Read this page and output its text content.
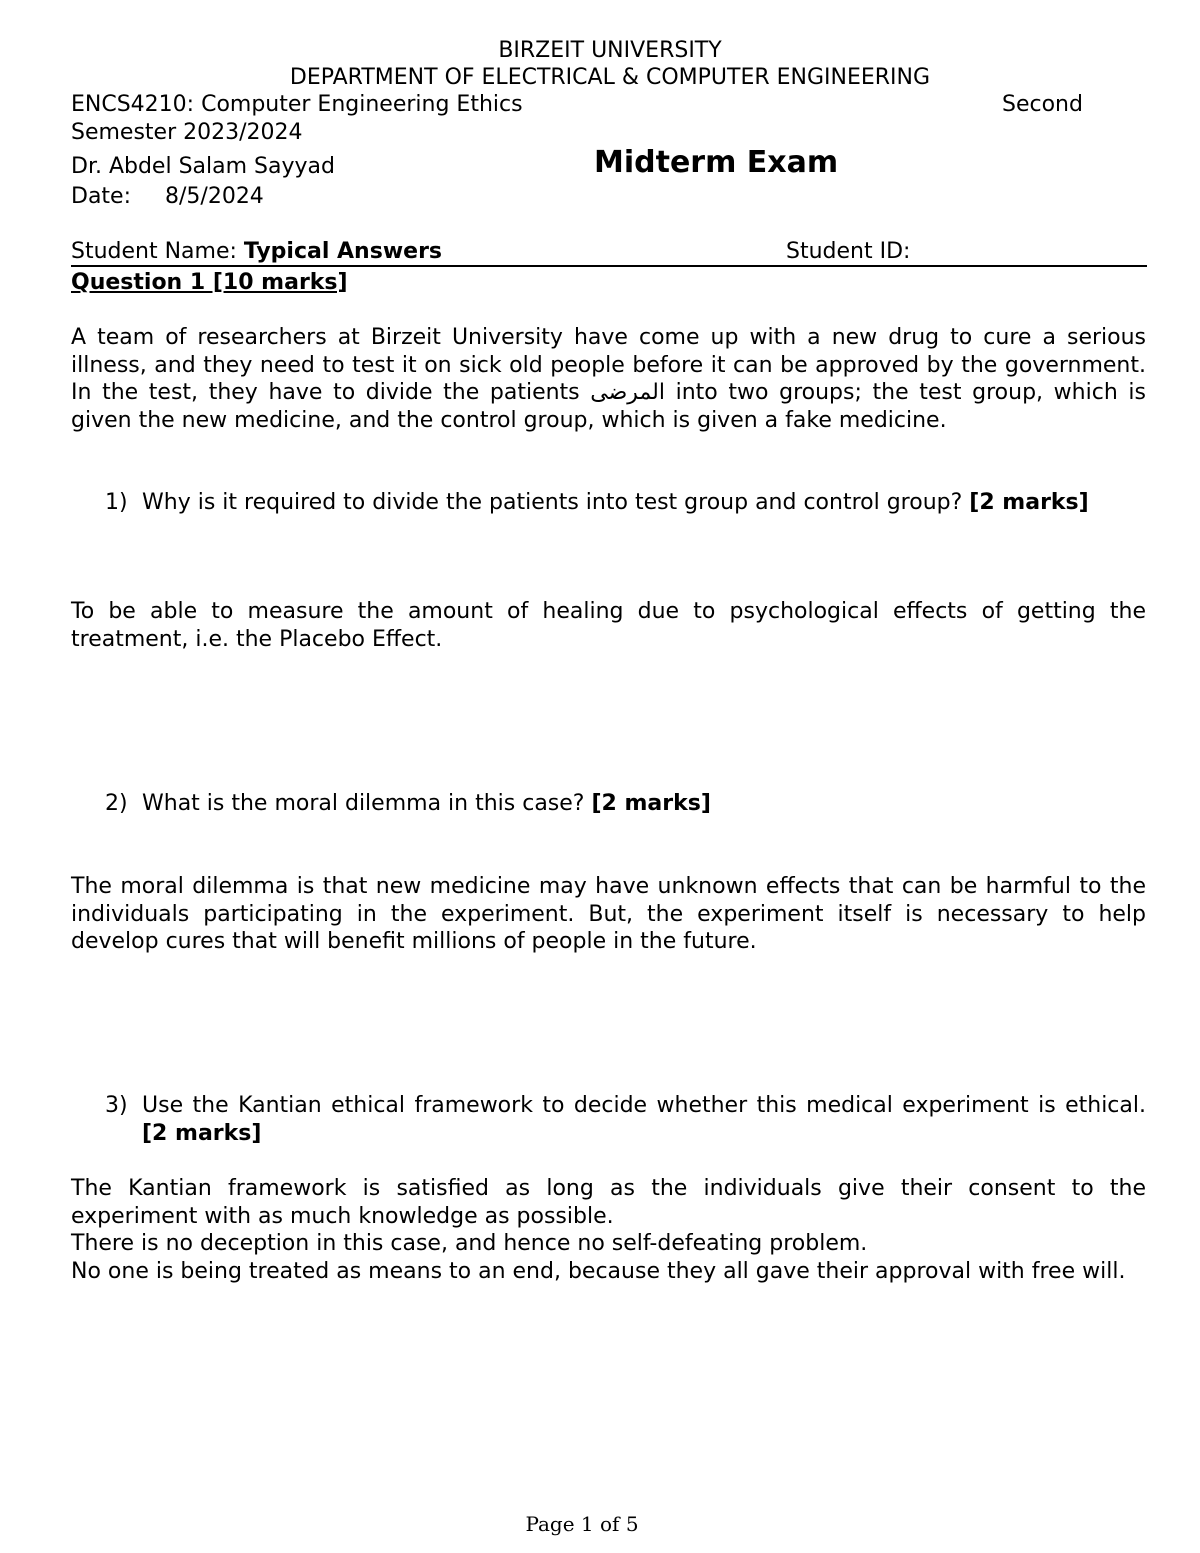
BIRZEIT UNIVERSITY
DEPARTMENT OF ELECTRICAL & COMPUTER ENGINEERING
ENCS4210: Computer Engineering Ethics	Second
Semester 2023/2024
Dr. Abdel Salam Sayyad	Midterm Exam
Date: 8/5/2024
Student Name: Typical Answers	Student ID:
Question 1 [10 marks]
A team of researchers at Birzeit University have come up with a new drug to cure a serious illness, and they need to test it on sick old people before it can be approved by the government. In the test, they have to divide the patients المرضى into two groups; the test group, which is given the new medicine, and the control group, which is given a fake medicine.
1) Why is it required to divide the patients into test group and control group? [2 marks]
To be able to measure the amount of healing due to psychological effects of getting the treatment, i.e. the Placebo Effect.
2) What is the moral dilemma in this case? [2 marks]
The moral dilemma is that new medicine may have unknown effects that can be harmful to the individuals participating in the experiment. But, the experiment itself is necessary to help develop cures that will benefit millions of people in the future.
3) Use the Kantian ethical framework to decide whether this medical experiment is ethical. [2 marks]
The Kantian framework is satisfied as long as the individuals give their consent to the experiment with as much knowledge as possible.
There is no deception in this case, and hence no self-defeating problem.
No one is being treated as means to an end, because they all gave their approval with free will.
Page 1 of 5
